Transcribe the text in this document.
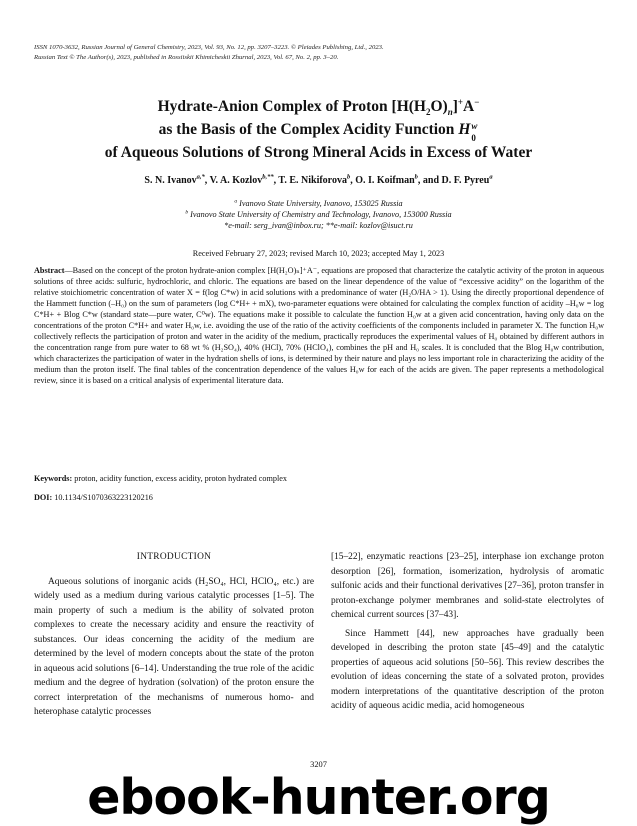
ISSN 1070-3632, Russian Journal of General Chemistry, 2023, Vol. 93, No. 12, pp. 3207–3223. © Pleiades Publishing, Ltd., 2023.
Russian Text © The Author(s), 2023, published in Rossiiskii Khimicheskii Zhurnal, 2023, Vol. 67, No. 2, pp. 3–20.
Hydrate-Anion Complex of Proton $[H(H_2O)_n]^+A^-$
as the Basis of the Complex Acidity Function H w
0
of Aqueous Solutions of Strong Mineral Acids in Excess of Water
S. N. Ivanov$^{a,*}$, V. A. Kozlov$^{b,**}$, T. E. Nikiforova$^b$, O. I. Koifman$^b$, and D. F. Pyreu$^a$
$^a$ Ivanovo State University, Ivanovo, 153025 Russia
$^b$ Ivanovo State University of Chemistry and Technology, Ivanovo, 153000 Russia
*e-mail: serg_ivan@inbox.ru; **e-mail: kozlov@isuct.ru
Received February 27, 2023; revised March 10, 2023; accepted May 1, 2023
Abstract—Based on the concept of the proton hydrate-anion complex [H(H₂O)ₙ]⁺A⁻, equations are proposed that characterize the catalytic activity of the proton in aqueous solutions of three acids: sulfuric, hydrochloric, and chloric. The equations are based on the linear dependence of the value of “excessive acidity” on the logarithm of the relative stoichiometric concentration of water X = f(log C*w) in acid solutions with a predominance of water (H₂O/HA > 1). Using the directly proportional dependence of the Hammett function (–H₀) on the sum of parameters (log C*H+ + mX), two-parameter equations were obtained for calculating the complex function of acidity –H₀w = log C*H+ + Blog C*w (standard state—pure water, C⁰w). The equations make it possible to calculate the function H₀w at a given acid concentration, having only data on the concentrations of the proton C*H+ and water H₀w, i.e. avoiding the use of the ratio of the activity coefficients of the components included in parameter X. The function H₀w collectively reflects the participation of proton and water in the acidity of the medium, practically reproduces the experimental values of H₀ obtained by different authors in the concentration range from pure water to 68 wt % (H₂SO₄), 40% (HCl), 70% (HClO₄), combines the pH and H₀ scales. It is concluded that the Blog H₀w contribution, which characterizes the participation of water in the hydration shells of ions, is determined by their nature and plays no less important role in characterizing the acidity of the medium than the proton itself. The final tables of the concentration dependence of the values H₀w for each of the acids are given. The paper represents a methodological review, since it is based on a critical analysis of experimental literature data.
Keywords: proton, acidity function, excess acidity, proton hydrated complex
DOI: 10.1134/S1070363223120216
INTRODUCTION

Aqueous solutions of inorganic acids (H₂SO₄, HCl, HClO₄, etc.) are widely used as a medium during various catalytic processes [1–5]. The main property of such a medium is the ability of solvated proton complexes to create the necessary acidity and ensure the reactivity of substances. Our ideas concerning the acidity of the medium are determined by the level of modern concepts about the state of the proton in aqueous acid solutions [6–14]. Understanding the true role of the acidic medium and the degree of hydration (solvation) of the proton ensure the correct interpretation of the mechanisms of numerous homo- and heterophase catalytic processes

[15–22], enzymatic reactions [23–25], interphase ion exchange proton desorption [26], formation, isomerization, hydrolysis of aromatic sulfonic acids and their functional derivatives [27–36], proton transfer in proton-exchange polymer membranes and solid-state electrolytes of chemical current sources [37–43].

Since Hammett [44], new approaches have gradually been developed in describing the proton state [45–49] and the catalytic properties of aqueous acid solutions [50–56]. This review describes the evolution of ideas concerning the state of a solvated proton, provides modern interpretations of the quantitative description of the proton acidity of aqueous acidic media, acid homogeneous

3207
ebook-hunter.org
